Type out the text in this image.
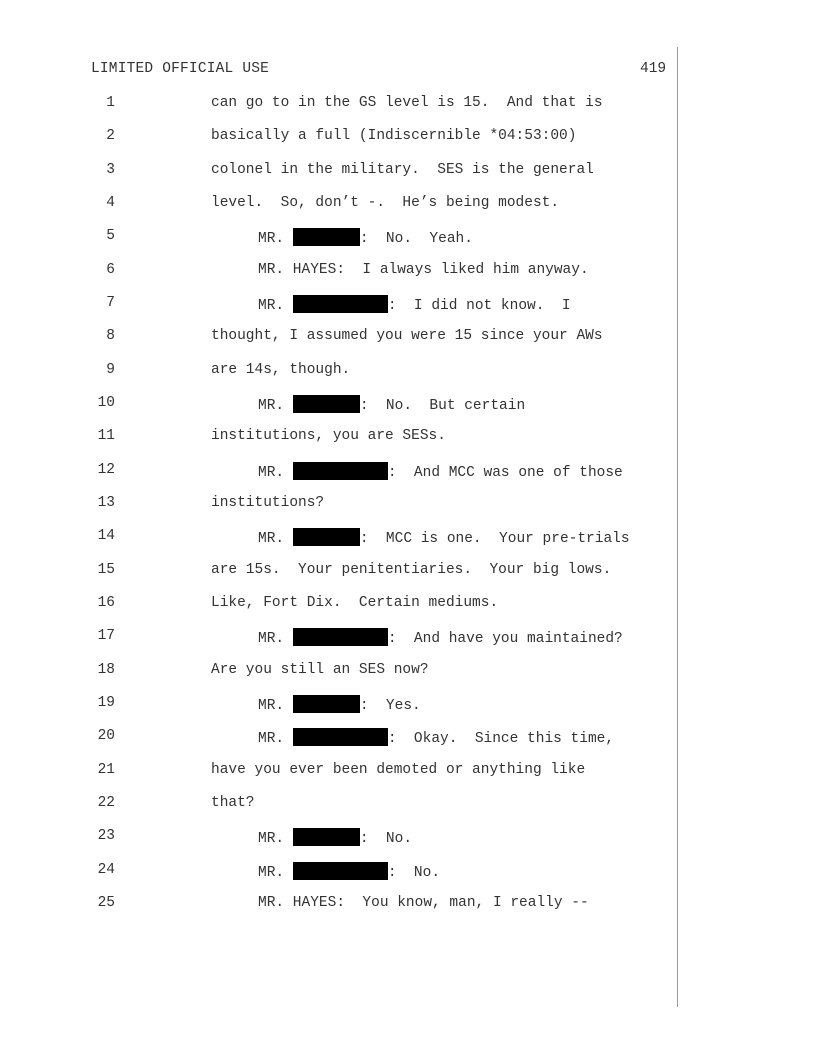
LIMITED OFFICIAL USE	419
1	can go to in the GS level is 15.  And that is
2	basically a full (Indiscernible *04:53:00)
3	colonel in the military.  SES is the general
4	level.  So, don’t -.  He’s being modest.
5	MR.	:  No.  Yeah.
6	MR. HAYES:  I always liked him anyway.
7	MR.	:  I did not know.  I
8	thought, I assumed you were 15 since your AWs
9	are 14s, though.
10	MR.	:  No.  But certain
11	institutions, you are SESs.
12	MR.	:  And MCC was one of those
13	institutions?
14	MR.	:  MCC is one.  Your pre-trials
15	are 15s.  Your penitentiaries.  Your big lows.
16	Like, Fort Dix.  Certain mediums.
17	MR.	:  And have you maintained?
18	Are you still an SES now?
19	MR.	:  Yes.
20	MR.	:  Okay.  Since this time,
21	have you ever been demoted or anything like
22	that?
23	MR.	:  No.
24	MR.	:  No.
25	MR. HAYES:  You know, man, I really --
